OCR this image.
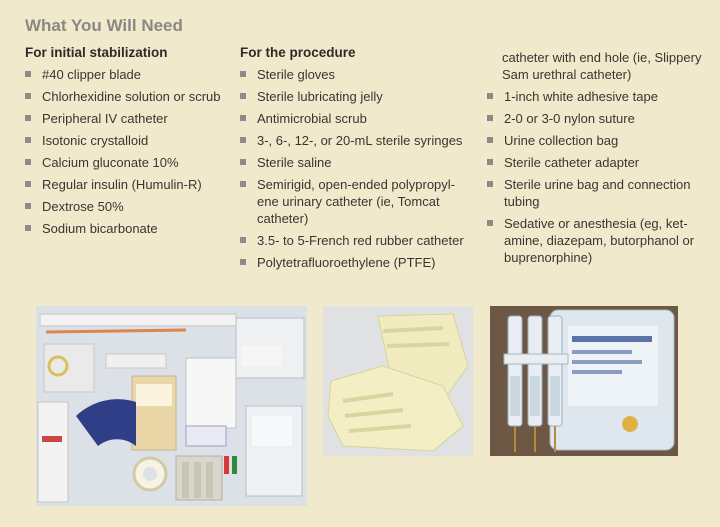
What You Will Need
For initial stabilization
#40 clipper blade
Chlorhexidine solution or scrub
Peripheral IV catheter
Isotonic crystalloid
Calcium gluconate 10%
Regular insulin (Humulin-R)
Dextrose 50%
Sodium bicarbonate
For the procedure
Sterile gloves
Sterile lubricating jelly
Antimicrobial scrub
3-, 6-, 12-, or 20-mL sterile syringes
Sterile saline
Semirigid, open-ended polypropyl-ene urinary catheter (ie, Tomcat catheter)
3.5- to 5-French red rubber catheter
Polytetrafluoroethylene (PTFE)
catheter with end hole (ie, Slippery Sam urethral catheter)
1-inch white adhesive tape
2-0 or 3-0 nylon suture
Urine collection bag
Sterile catheter adapter
Sterile urine bag and connection tubing
Sedative or anesthesia (eg, ket-amine, diazepam, butorphanol or buprenorphine)
